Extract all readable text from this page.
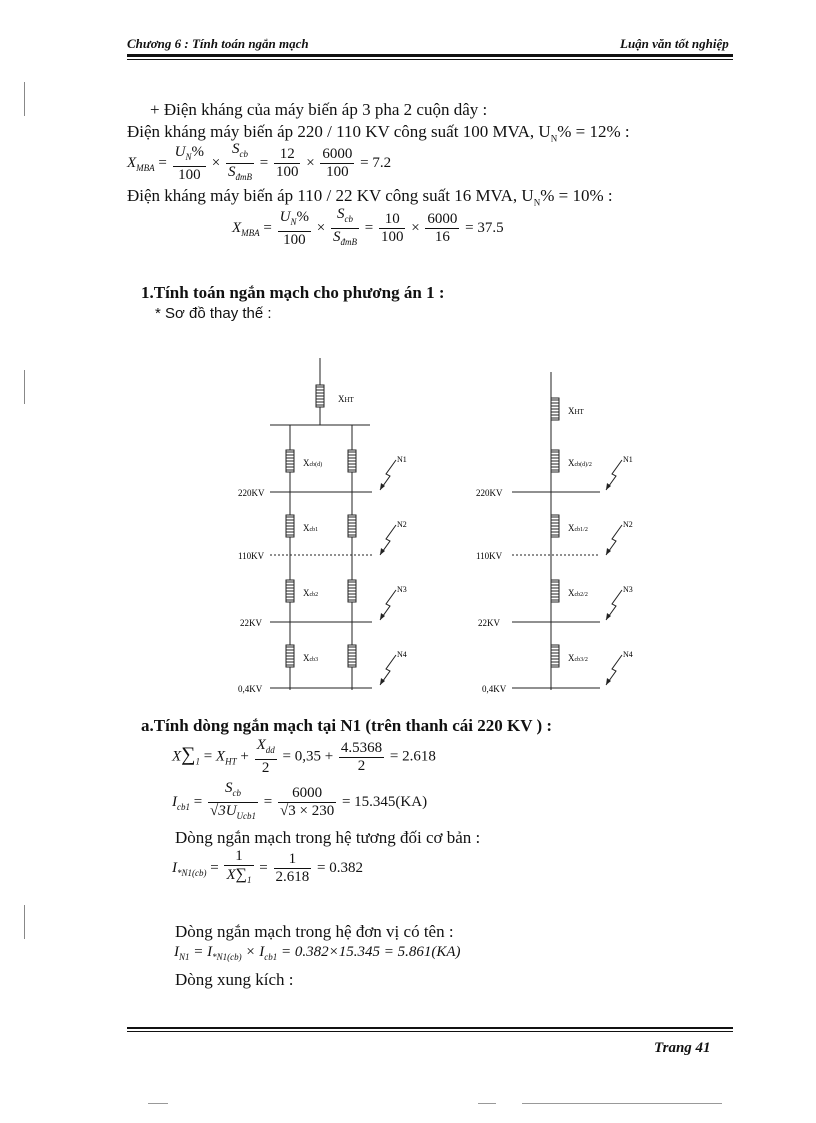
Chương 6 : Tính toán ngắn mạch	Luận văn tốt nghiệp
+ Điện kháng của máy biến áp 3 pha 2 cuộn dây :
Điện kháng máy biến áp 220 / 110 KV công suất 100 MVA, $U_N\% = 12\%$ :
$X_{MBA} = \frac{U_N\%}{100} \times \frac{S_{cb}}{S_{đmB}} = \frac{12}{100} \times \frac{6000}{100} = 7.2$
Điện kháng máy biến áp 110 / 22 KV công suất 16 MVA, $U_N\% = 10\%$ :
$X_{MBA} = \frac{U_N\%}{100} \times \frac{S_{cb}}{S_{đmB}} = \frac{10}{100} \times \frac{6000}{16} = 37.5$
1.Tính toán ngắn mạch cho phương án 1 :
* Sơ đồ thay thế :
XHT
Xcb(d)
Xcb1
Xcb2
Xcb3
220KV
110KV
22KV
0,4KV
N1
N2
N3
N4
XHT
Xcb(d)/2
Xcb1/2
Xcb2/2
Xcb3/2
220KV
110KV
22KV
0,4KV
N1
N2
N3
N4
a.Tính dòng ngắn mạch tại N1 (trên thanh cái 220 KV ) :
$X\sum_1 = X_{HT} + \frac{X_{dd}}{2} = 0,35 + \frac{4.5368}{2} = 2.618$
$I_{cb1} = \frac{S_{cb}}{√3U_{Ucb1}} = \frac{6000}{√3 \times 230} = 15.345(KA)$
Dòng ngắn mạch trong hệ tương đối cơ bản :
$I_{*N1(cb)} = \frac{1}{X\sum_1} = \frac{1}{2.618} = 0.382$
Dòng ngắn mạch trong hệ đơn vị có tên :
$I_{N1} = I_{*N1(cb)} \times I_{cb1} = 0.382\times 15.345 = 5.861(KA)$
Dòng xung kích :
Trang 41
